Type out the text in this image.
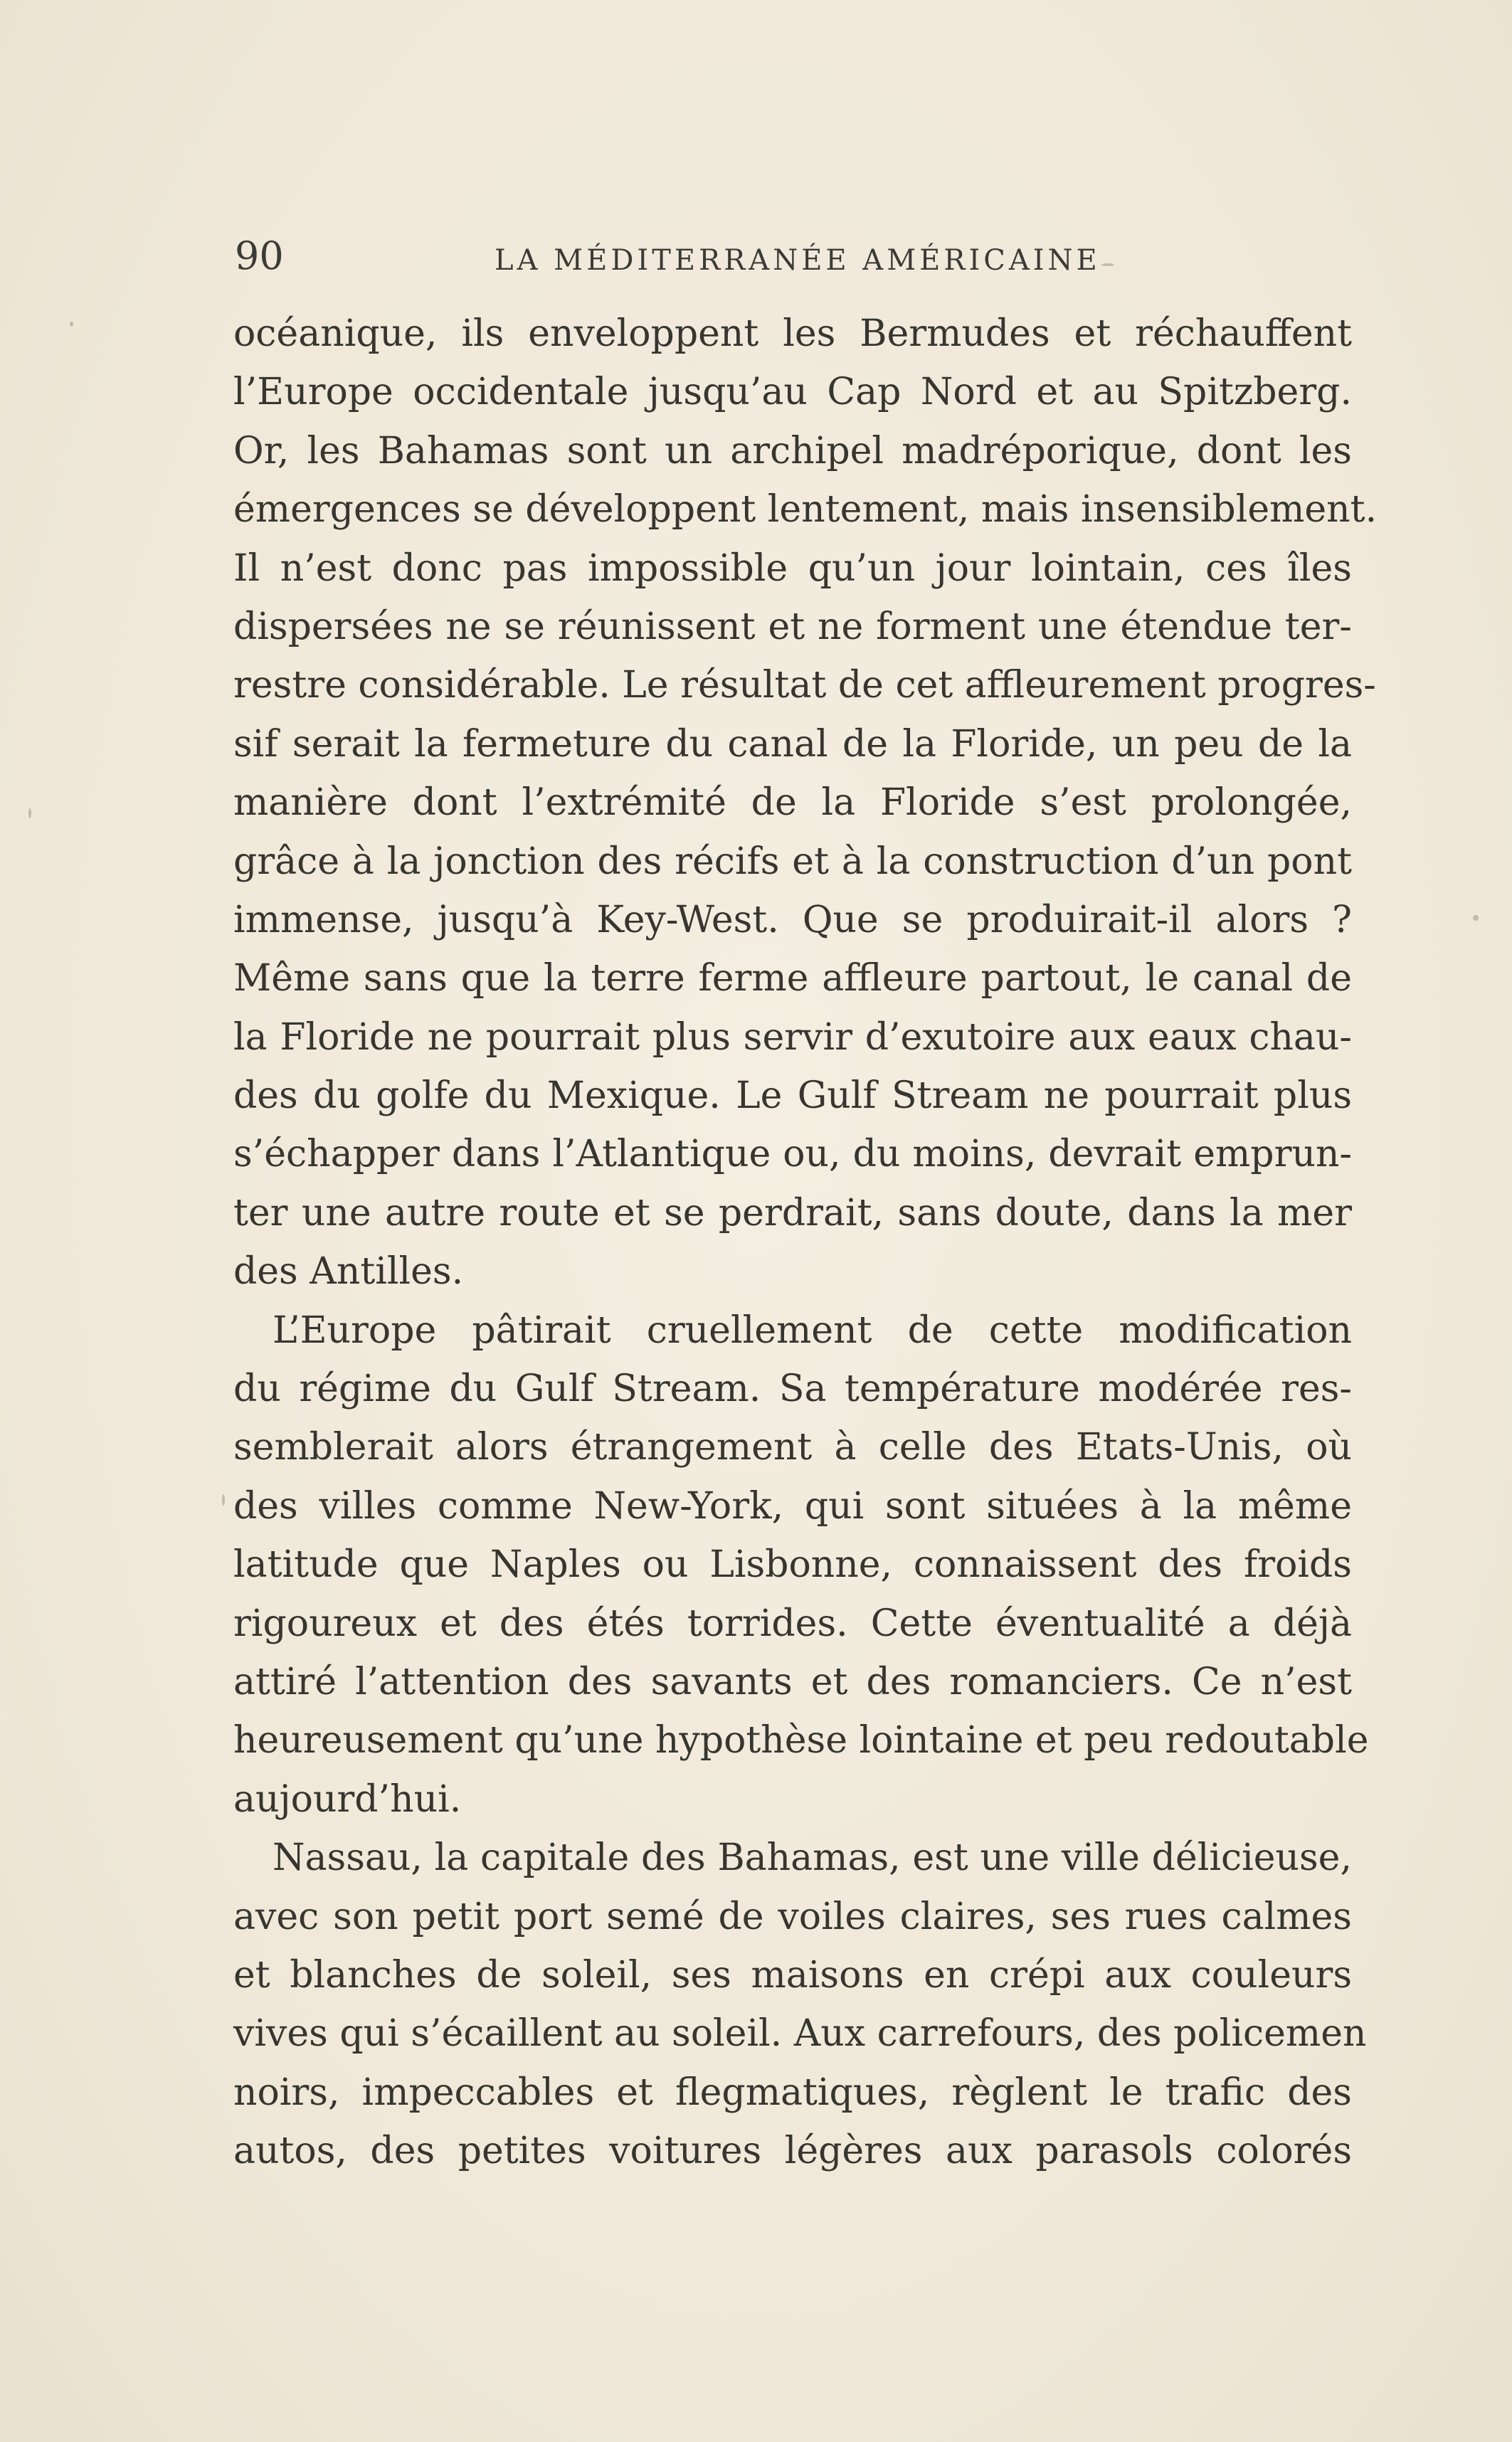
90	LA MÉDITERRANÉE AMÉRICAINE
océanique, ils enveloppent les Bermudes et réchauffent
l’Europe occidentale jusqu’au Cap Nord et au Spitzberg.
Or, les Bahamas sont un archipel madréporique, dont les
émergences se développent lentement, mais insensiblement.
Il n’est donc pas impossible qu’un jour lointain, ces îles
dispersées ne se réunissent et ne forment une étendue ter-
restre considérable. Le résultat de cet affleurement progres-
sif serait la fermeture du canal de la Floride, un peu de la
manière dont l’extrémité de la Floride s’est prolongée,
grâce à la jonction des récifs et à la construction d’un pont
immense, jusqu’à Key-West. Que se produirait-il alors ?
Même sans que la terre ferme affleure partout, le canal de
la Floride ne pourrait plus servir d’exutoire aux eaux chau-
des du golfe du Mexique. Le Gulf Stream ne pourrait plus
s’échapper dans l’Atlantique ou, du moins, devrait emprun-
ter une autre route et se perdrait, sans doute, dans la mer
des Antilles.
L’Europe pâtirait cruellement de cette modification
du régime du Gulf Stream. Sa température modérée res-
semblerait alors étrangement à celle des Etats-Unis, où
des villes comme New-York, qui sont situées à la même
latitude que Naples ou Lisbonne, connaissent des froids
rigoureux et des étés torrides. Cette éventualité a déjà
attiré l’attention des savants et des romanciers. Ce n’est
heureusement qu’une hypothèse lointaine et peu redoutable
aujourd’hui.
Nassau, la capitale des Bahamas, est une ville délicieuse,
avec son petit port semé de voiles claires, ses rues calmes
et blanches de soleil, ses maisons en crépi aux couleurs
vives qui s’écaillent au soleil. Aux carrefours, des policemen
noirs, impeccables et flegmatiques, règlent le trafic des
autos, des petites voitures légères aux parasols colorés
